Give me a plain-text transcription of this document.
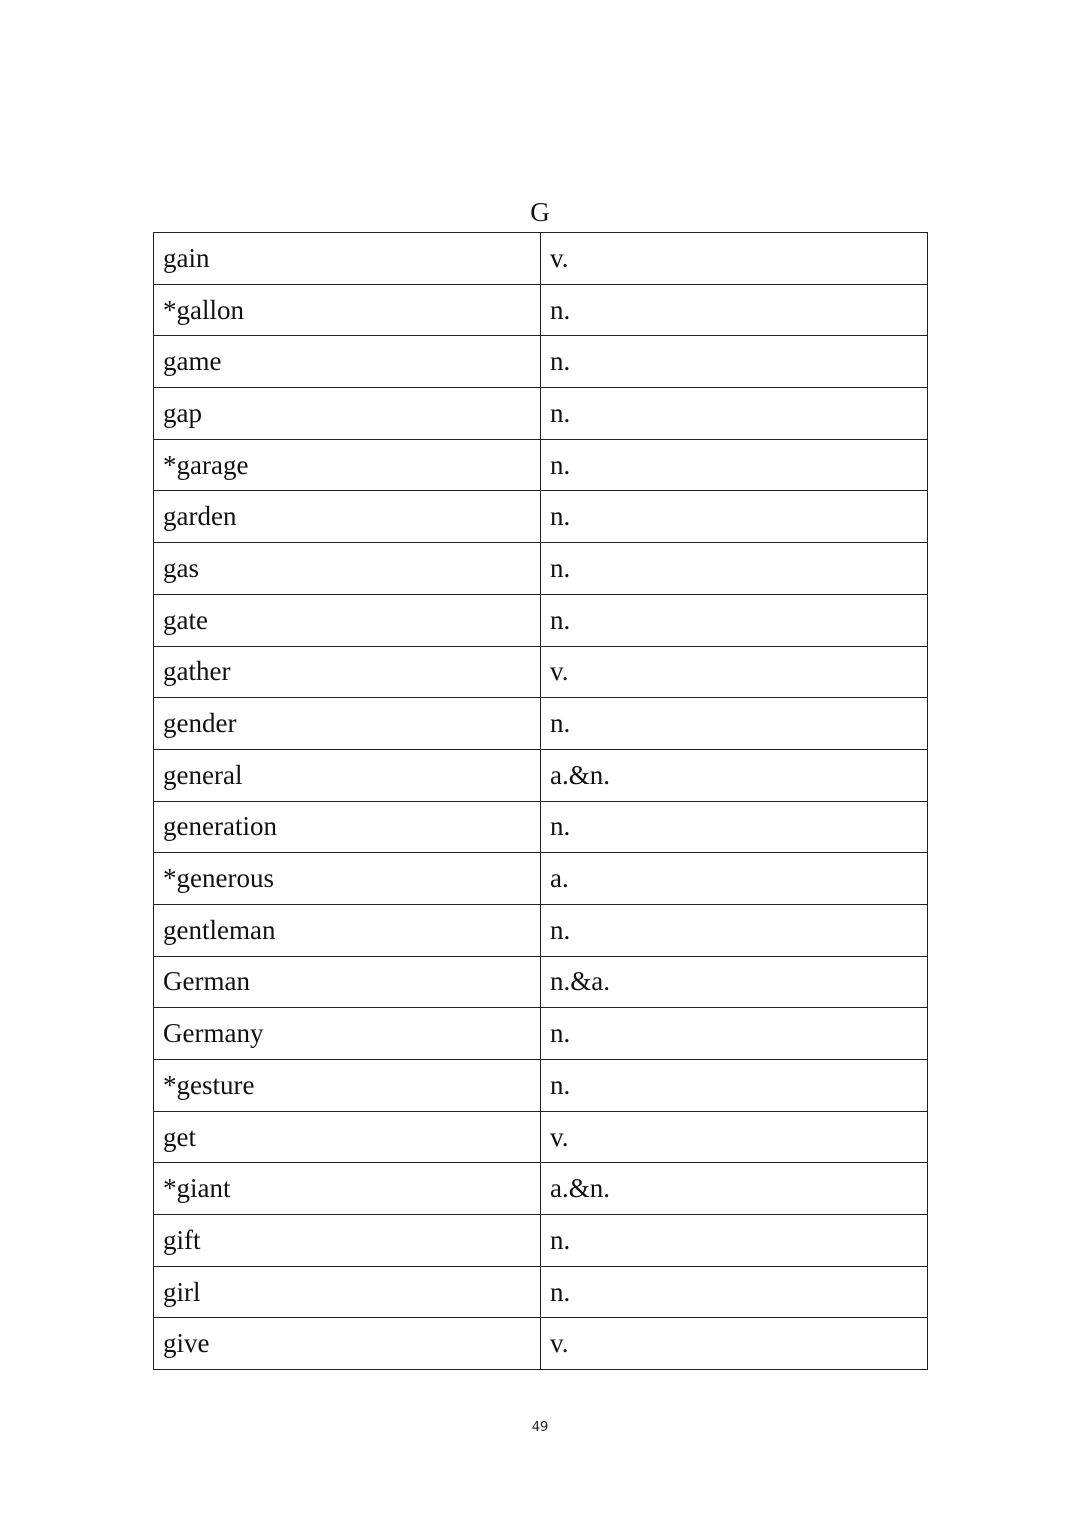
G
gain	v.
*gallon	n.
game	n.
gap	n.
*garage	n.
garden	n.
gas	n.
gate	n.
gather	v.
gender	n.
general	a.&n.
generation	n.
*generous	a.
gentleman	n.
German	n.&a.
Germany	n.
*gesture	n.
get	v.
*giant	a.&n.
gift	n.
girl	n.
give	v.
49
